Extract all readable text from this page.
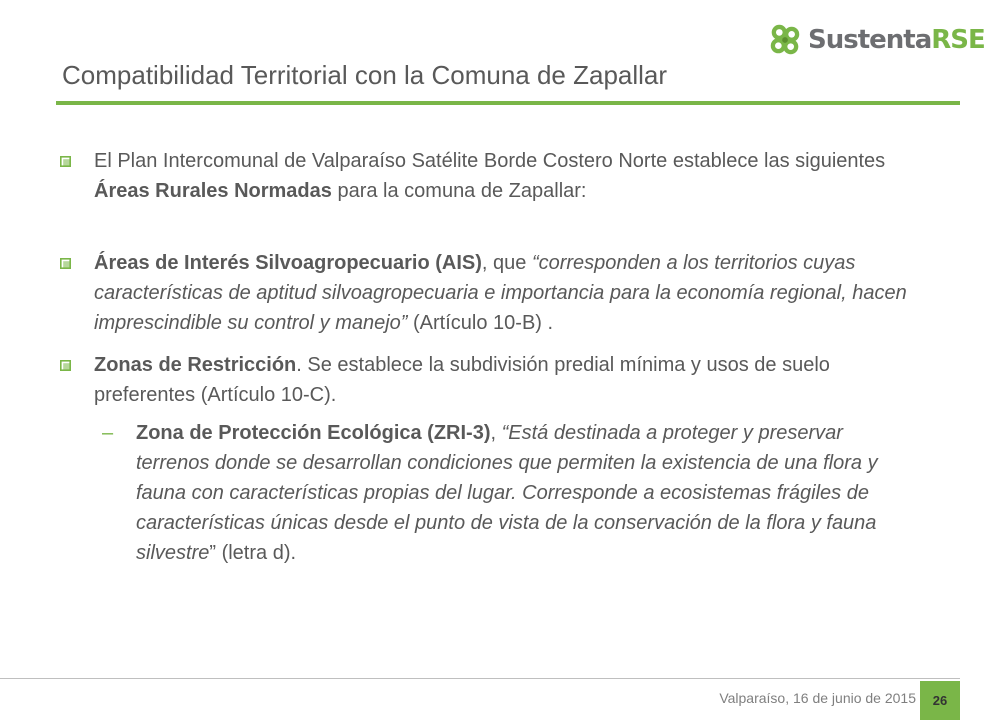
SustentaRSE
Compatibilidad Territorial con la Comuna de Zapallar
El Plan Intercomunal de Valparaíso Satélite Borde Costero Norte establece las siguientes Áreas Rurales Normadas para la comuna de Zapallar:
Áreas de Interés Silvoagropecuario (AIS), que “corresponden a los territorios cuyas características de aptitud silvoagropecuaria e importancia para la economía regional, hacen imprescindible su control y manejo” (Artículo 10-B) .
Zonas de Restricción. Se establece la subdivisión predial mínima y usos de suelo preferentes (Artículo 10-C).
– Zona de Protección Ecológica (ZRI-3), “Está destinada a proteger y preservar terrenos donde se desarrollan condiciones que permiten la existencia de una flora y fauna con características propias del lugar. Corresponde a ecosistemas frágiles de características únicas desde el punto de vista de la conservación de la flora y fauna silvestre” (letra d).
Valparaíso, 16 de junio de 2015	26
